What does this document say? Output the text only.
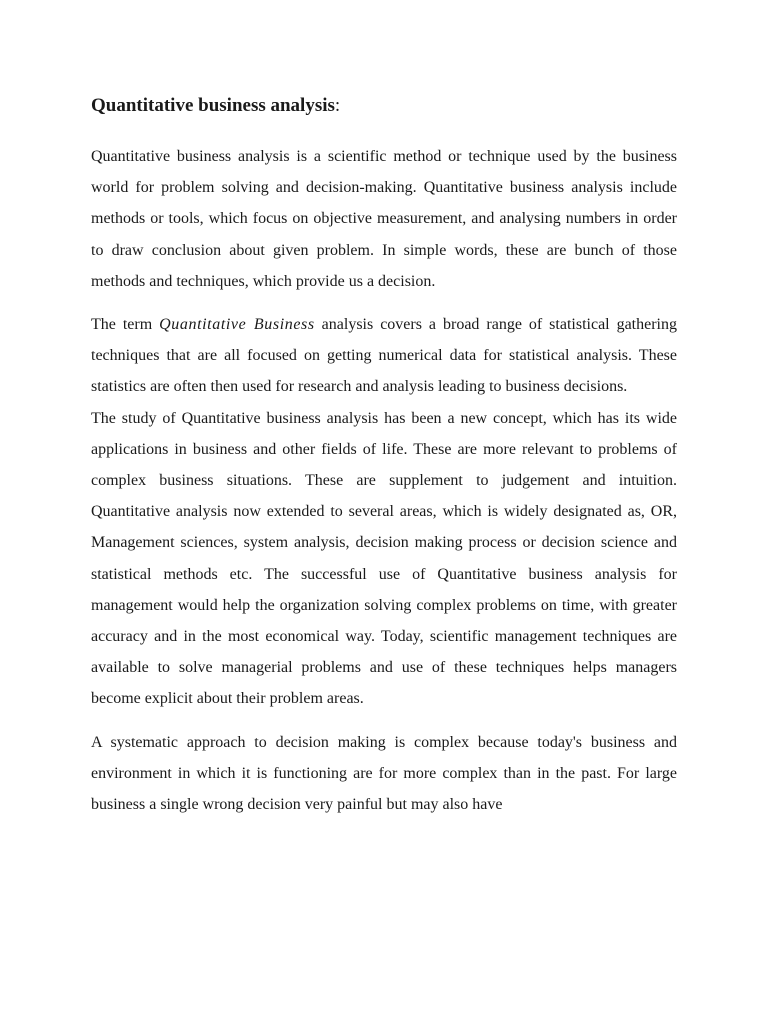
Quantitative business analysis:

Quantitative business analysis is a scientific method or technique used by the business world for problem solving and decision-making. Quantitative business analysis include methods or tools, which focus on objective measurement, and analysing numbers in order to draw conclusion about given problem. In simple words, these are bunch of those methods and techniques, which provide us a decision.

The term Quantitative Business analysis covers a broad range of statistical gathering techniques that are all focused on getting numerical data for statistical analysis. These statistics are often then used for research and analysis leading to business decisions.

The study of Quantitative business analysis has been a new concept, which has its wide applications in business and other fields of life. These are more relevant to problems of complex business situations. These are supplement to judgement and intuition. Quantitative analysis now extended to several areas, which is widely designated as, OR, Management sciences, system analysis, decision making process or decision science and statistical methods etc. The successful use of Quantitative business analysis for management would help the organization solving complex problems on time, with greater accuracy and in the most economical way. Today, scientific management techniques are available to solve managerial problems and use of these techniques helps managers become explicit about their problem areas.

A systematic approach to decision making is complex because today's business and environment in which it is functioning are for more complex than in the past. For large business a single wrong decision very painful but may also have
